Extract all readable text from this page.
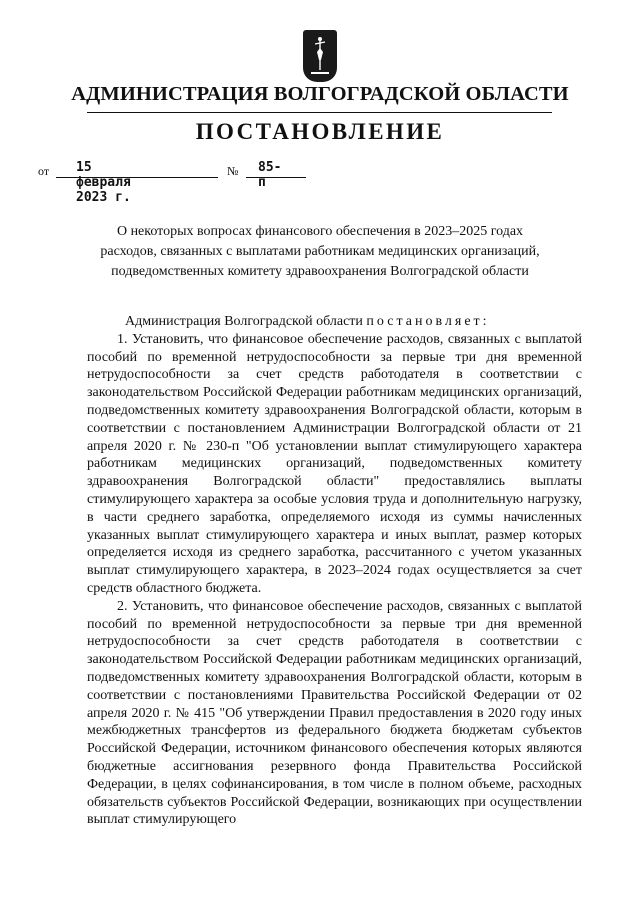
АДМИНИСТРАЦИЯ ВОЛГОГРАДСКОЙ ОБЛАСТИ
ПОСТАНОВЛЕНИЕ
от 15 февраля 2023 г.
№ 85-п
О некоторых вопросах финансового обеспечения в 2023–2025 годах
расходов, связанных с выплатами работникам медицинских организаций,
подведомственных комитету здравоохранения Волгоградской области

Администрация Волгоградской области постановляет:

1. Установить, что финансовое обеспечение расходов, связанных с выплатой пособий по временной нетрудоспособности за первые три дня временной нетрудоспособности за счет средств работодателя в соответствии с законодательством Российской Федерации работникам медицинских организаций, подведомственных комитету здравоохранения Волгоградской области, которым в соответствии с постановлением Администрации Волгоградской области от 21 апреля 2020 г. № 230-п "Об установлении выплат стимулирующего характера работникам медицинских организаций, подведомственных комитету здравоохранения Волгоградской области" предоставлялись выплаты стимулирующего характера за особые условия труда и дополнительную нагрузку, в части среднего заработка, определяемого исходя из суммы начисленных указанных выплат стимулирующего характера и иных выплат, размер которых определяется исходя из среднего заработка, рассчитанного с учетом указанных выплат стимулирующего характера, в 2023–2024 годах осуществляется за счет средств областного бюджета.

2. Установить, что финансовое обеспечение расходов, связанных с выплатой пособий по временной нетрудоспособности за первые три дня временной нетрудоспособности за счет средств работодателя в соответствии с законодательством Российской Федерации работникам медицинских организаций, подведомственных комитету здравоохранения Волгоградской области, которым в соответствии с постановлениями Правительства Российской Федерации от 02 апреля 2020 г. № 415 "Об утверждении Правил предоставления в 2020 году иных межбюджетных трансфертов из федерального бюджета бюджетам субъектов Российской Федерации, источником финансового обеспечения которых являются бюджетные ассигнования резервного фонда Правительства Российской Федерации, в целях софинансирования, в том числе в полном объеме, расходных обязательств субъектов Российской Федерации, возникающих при осуществлении выплат стимулирующего
